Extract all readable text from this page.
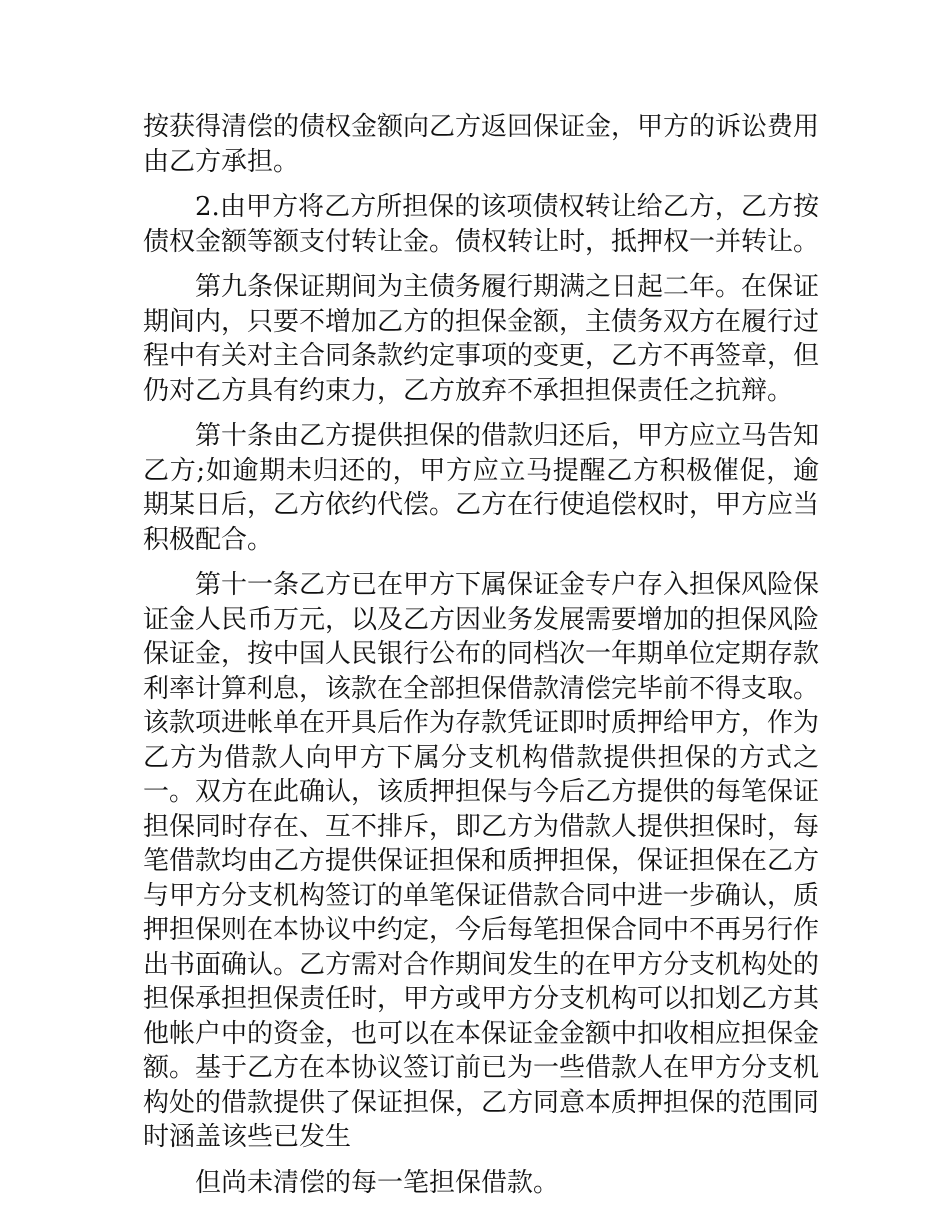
按获得清偿的债权金额向乙方返回保证金，甲方的诉讼费用由乙方承担。

2.由甲方将乙方所担保的该项债权转让给乙方，乙方按债权金额等额支付转让金。债权转让时，抵押权一并转让。

第九条保证期间为主债务履行期满之日起二年。在保证期间内，只要不增加乙方的担保金额，主债务双方在履行过程中有关对主合同条款约定事项的变更，乙方不再签章，但仍对乙方具有约束力，乙方放弃不承担担保责任之抗辩。

第十条由乙方提供担保的借款归还后，甲方应立马告知乙方;如逾期未归还的，甲方应立马提醒乙方积极催促，逾期某日后，乙方依约代偿。乙方在行使追偿权时，甲方应当积极配合。

第十一条乙方已在甲方下属保证金专户存入担保风险保证金人民币万元，以及乙方因业务发展需要增加的担保风险保证金，按中国人民银行公布的同档次一年期单位定期存款利率计算利息，该款在全部担保借款清偿完毕前不得支取。该款项进帐单在开具后作为存款凭证即时质押给甲方，作为乙方为借款人向甲方下属分支机构借款提供担保的方式之一。双方在此确认，该质押担保与今后乙方提供的每笔保证担保同时存在、互不排斥，即乙方为借款人提供担保时，每笔借款均由乙方提供保证担保和质押担保，保证担保在乙方与甲方分支机构签订的单笔保证借款合同中进一步确认，质押担保则在本协议中约定，今后每笔担保合同中不再另行作出书面确认。乙方需对合作期间发生的在甲方分支机构处的担保承担担保责任时，甲方或甲方分支机构可以扣划乙方其他帐户中的资金，也可以在本保证金金额中扣收相应担保金额。基于乙方在本协议签订前已为一些借款人在甲方分支机构处的借款提供了保证担保，乙方同意本质押担保的范围同时涵盖该些已发生

但尚未清偿的每一笔担保借款。
